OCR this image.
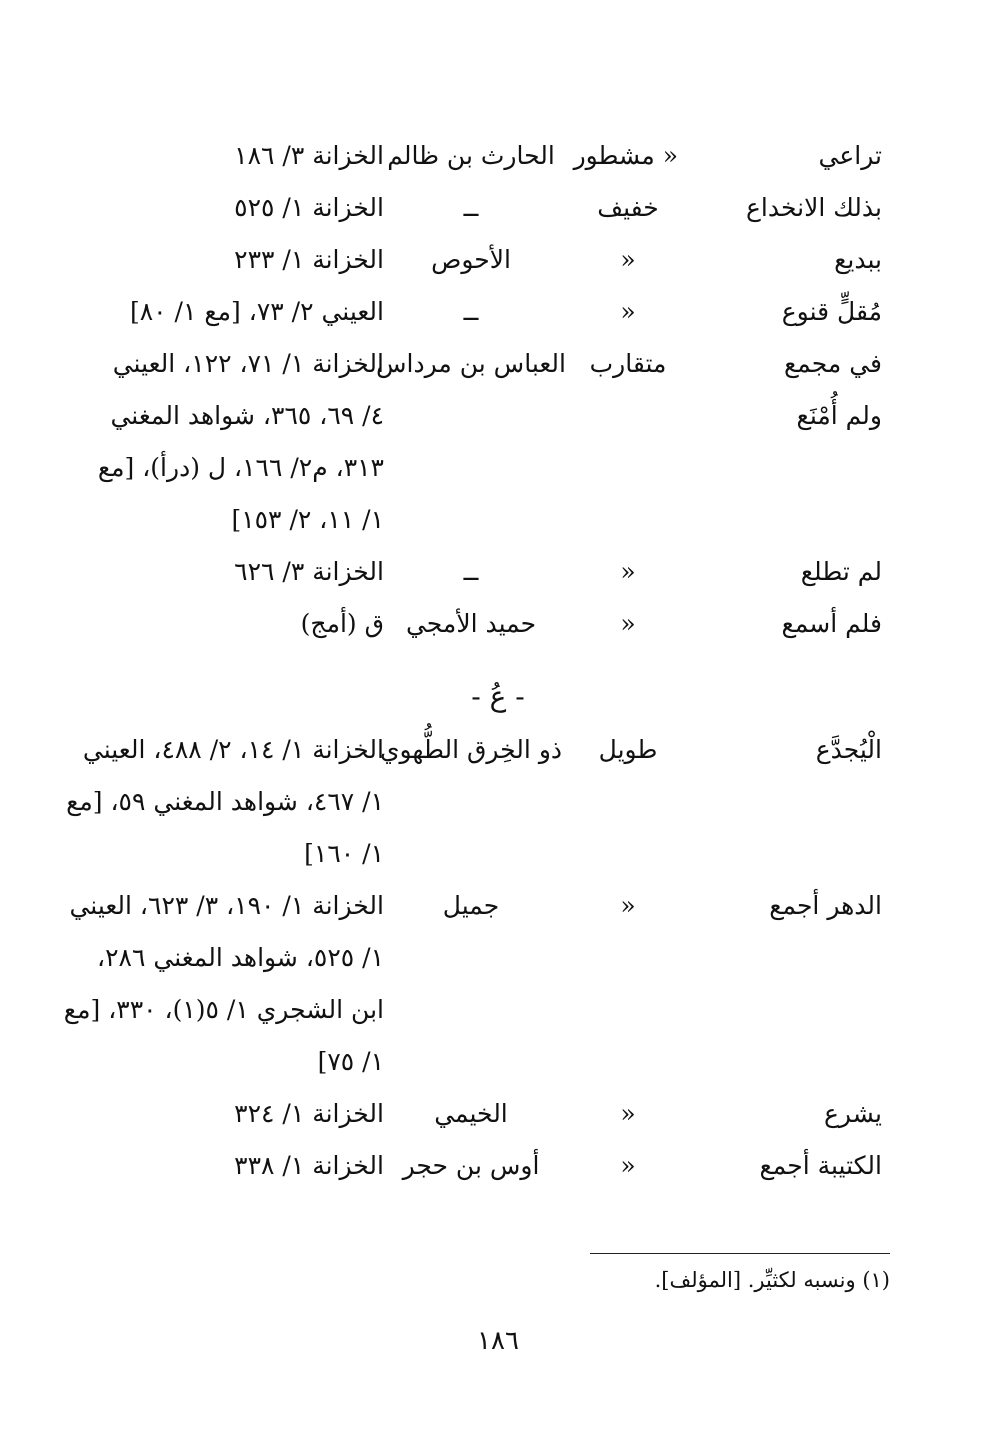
تراعي
« مشطور
الحارث بن ظالم
الخزانة ٣/ ١٨٦
بذلك الانخداع
خفيف
ــ
الخزانة ١/ ٥٢٥
ببديع
«
الأحوص
الخزانة ١/ ٢٣٣
مُقلٍّ قنوع
«
ــ
العيني ٢/ ٧٣، [مع ١/ ٨٠]
في مجمع
متقارب
العباس بن مرداس
الخزانة ١/ ٧١، ١٢٢، العيني
ولم أُمْنَع
٤/ ٦٩، ٣٦٥، شواهد المغني
٣١٣، م٢/ ١٦٦، ل (درأ)، [مع
١/ ١١، ٢/ ١٥٣]
لم تطلع
«
ــ
الخزانة ٣/ ٦٢٦
فلم أسمع
«
حميد الأمجي
ق (أمج)
- عُ -
الْيُجدَّع
طويل
ذو الخِرق الطُّهوي
الخزانة ١/ ١٤، ٢/ ٤٨٨، العيني
١/ ٤٦٧، شواهد المغني ٥٩، [مع
١/ ١٦٠]
الدهر أجمع
«
جميل
الخزانة ١/ ١٩٠، ٣/ ٦٢٣، العيني
١/ ٥٢٥، شواهد المغني ٢٨٦،
ابن الشجري ١/ ٥(١)، ٣٣٠، [مع
١/ ٧٥]
يشرع
«
الخيمي
الخزانة ١/ ٣٢٤
الكتيبة أجمع
«
أوس بن حجر
الخزانة ١/ ٣٣٨
(١) ونسبه لكثيِّر. [المؤلف].
١٨٦
